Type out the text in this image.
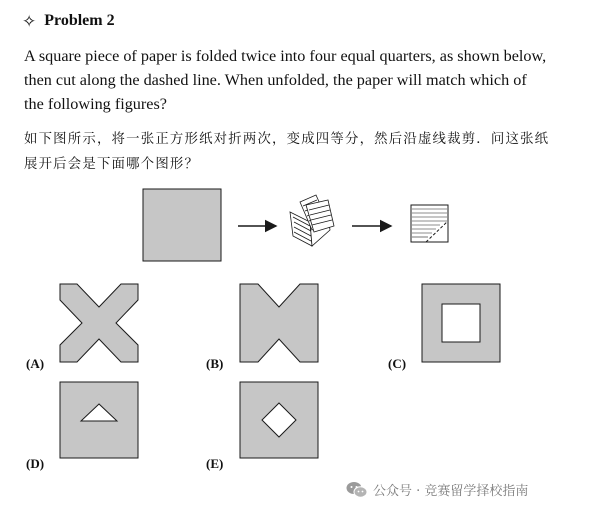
✧ Problem 2
A square piece of paper is folded twice into four equal quarters, as shown below,
then cut along the dashed line. When unfolded, the paper will match which of
the following figures?
如下图所示，将一张正方形纸对折两次，变成四等分，然后沿虚线裁剪．问这张纸
展开后会是下面哪个图形？
(A)	(B)	(C)
(D)	(E)
公众号 · 竞赛留学择校指南
